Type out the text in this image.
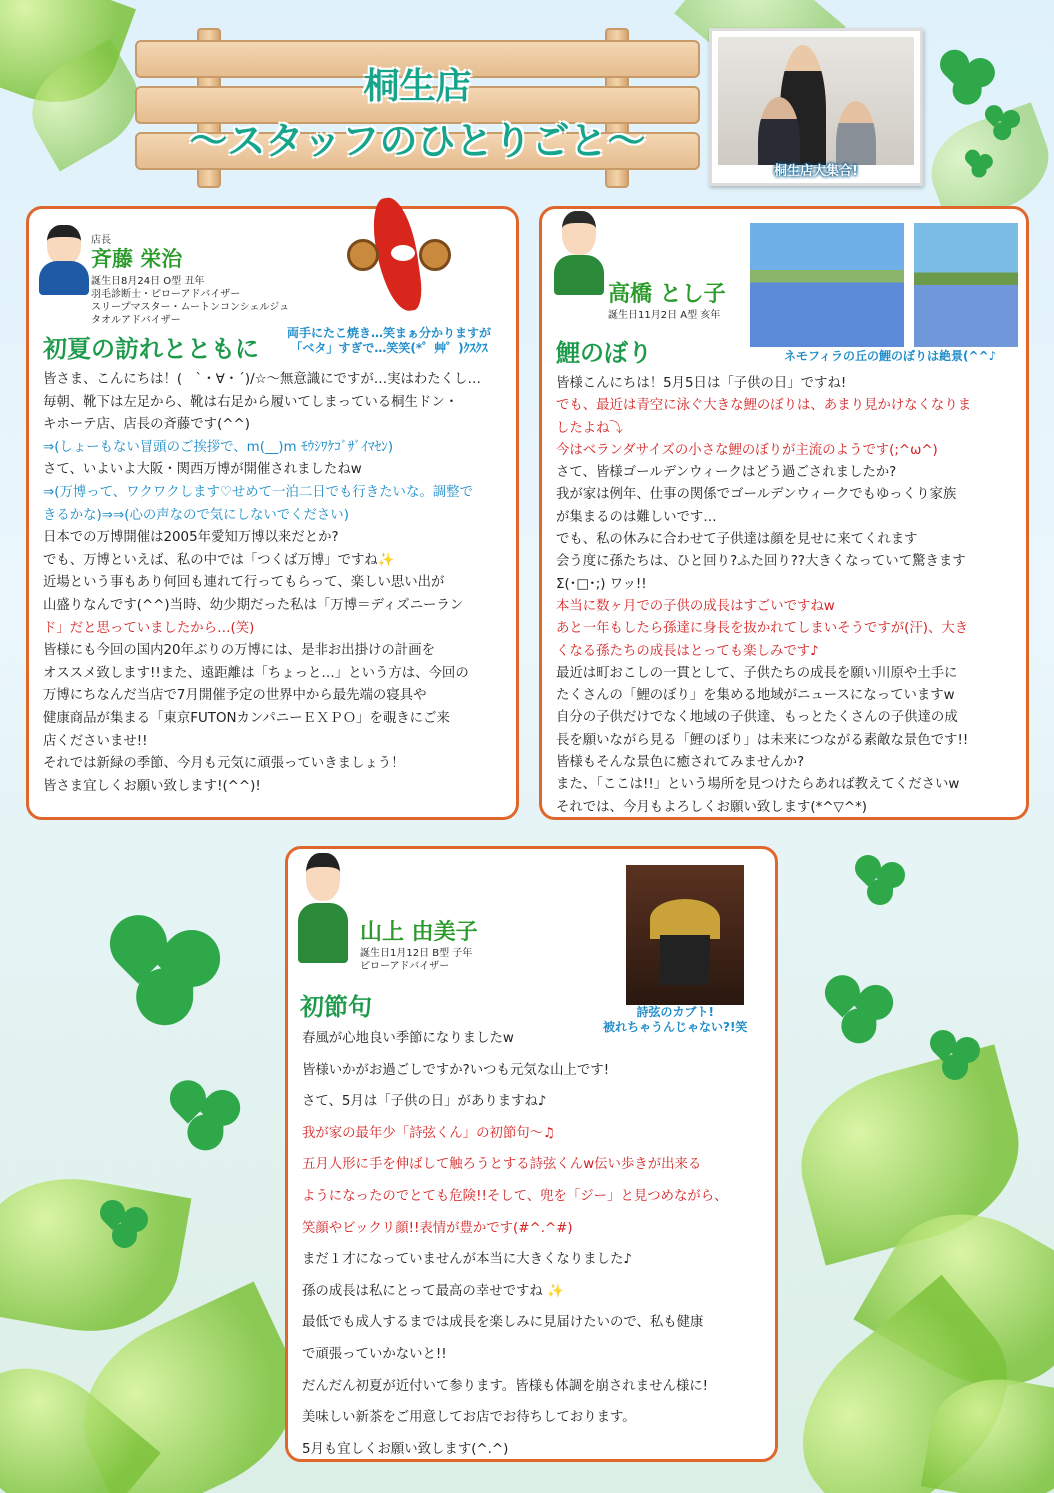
桐生店
～スタッフのひとりごと～
桐生店大集合!
店長
斉藤 栄治
誕生日8月24日 O型 丑年
羽毛診断士・ピローアドバイザー
スリープマスター・ムートンコンシェルジュ
タオルアドバイザー
両手にたこ焼き…笑まぁ分かりますが
「ベタ」すぎで…笑笑(*゜艸゜)ｸｽｸｽ
初夏の訪れとともに
皆さま、こんにちは！(　`・∀・´)/☆～無意識にですが…実はわたくし…
毎朝、靴下は左足から、靴は右足から履いてしまっている桐生ドン・
キホーテ店、店長の斉藤です(^^)
⇒(しょーもない冒頭のご挨拶で、m(__)m ﾓｳｼﾜｹｺﾞｻﾞｲﾏｾﾝ)
さて、いよいよ大阪・関西万博が開催されましたねw
⇒(万博って、ワクワクします♡せめて一泊二日でも行きたいな。調整で
きるかな)⇒⇒(心の声なので気にしないでください)
日本での万博開催は2005年愛知万博以来だとか?
でも、万博といえば、私の中では「つくば万博」ですね✨
近場という事もあり何回も連れて行ってもらって、楽しい思い出が
山盛りなんです(^^)当時、幼少期だった私は「万博＝ディズニーラン
ド」だと思っていましたから…(笑)
皆様にも今回の国内20年ぶりの万博には、是非お出掛けの計画を
オススメ致します!!また、遠距離は「ちょっと…」という方は、今回の
万博にちなんだ当店で7月開催予定の世界中から最先端の寝具や
健康商品が集まる「東京FUTONカンパニーＥＸＰＯ」を覗きにご来
店くださいませ!!
それでは新緑の季節、今月も元気に頑張っていきましょう！
皆さま宜しくお願い致します!(^^)!
高橋 とし子
誕生日11月2日 A型 亥年
ネモフィラの丘の鯉のぼりは絶景(^^♪
鯉のぼり
皆様こんにちは！5月5日は「子供の日」ですね!
でも、最近は青空に泳ぐ大きな鯉のぼりは、あまり見かけなくなりま
したよね⤵
今はベランダサイズの小さな鯉のぼりが主流のようです(;^ω^)
さて、皆様ゴールデンウィークはどう過ごされましたか?
我が家は例年、仕事の関係でゴールデンウィークでもゆっくり家族
が集まるのは難しいです…
でも、私の休みに合わせて子供達は顔を見せに来てくれます
会う度に孫たちは、ひと回り?ふた回り??大きくなっていて驚きます
Σ(･□･;) ワッ!!
本当に数ヶ月での子供の成長はすごいですねw
あと一年もしたら孫達に身長を抜かれてしまいそうですが(汗)、大き
くなる孫たちの成長はとっても楽しみです♪
最近は町おこしの一貫として、子供たちの成長を願い川原や土手に
たくさんの「鯉のぼり」を集める地域がニュースになっていますw
自分の子供だけでなく地域の子供達、もっとたくさんの子供達の成
長を願いながら見る「鯉のぼり」は未来につながる素敵な景色です!!
皆様もそんな景色に癒されてみませんか?
また、「ここは!!」という場所を見つけたらあれば教えてくださいw
それでは、今月もよろしくお願い致します(*^▽^*)
山上 由美子
誕生日1月12日 B型 子年
ピローアドバイザー
初節句	詩弦のカブト!
被れちゃうんじゃない?!笑
春風が心地良い季節になりましたw
皆様いかがお過ごしですか?いつも元気な山上です!
さて、5月は「子供の日」がありますね♪
我が家の最年少「詩弦くん」の初節句～♫
五月人形に手を伸ばして触ろうとする詩弦くんw伝い歩きが出来る
ようになったのでとても危険!!そして、兜を「ジー」と見つめながら、
笑顔やビックリ顔!!表情が豊かです(#^.^#)
まだ１才になっていませんが本当に大きくなりました♪
孫の成長は私にとって最高の幸せですね ✨
最低でも成人するまでは成長を楽しみに見届けたいので、私も健康
で頑張っていかないと!!
だんだん初夏が近付いて参ります。皆様も体調を崩されません様に!
美味しい新茶をご用意してお店でお待ちしております。
5月も宜しくお願い致します(^.^)
